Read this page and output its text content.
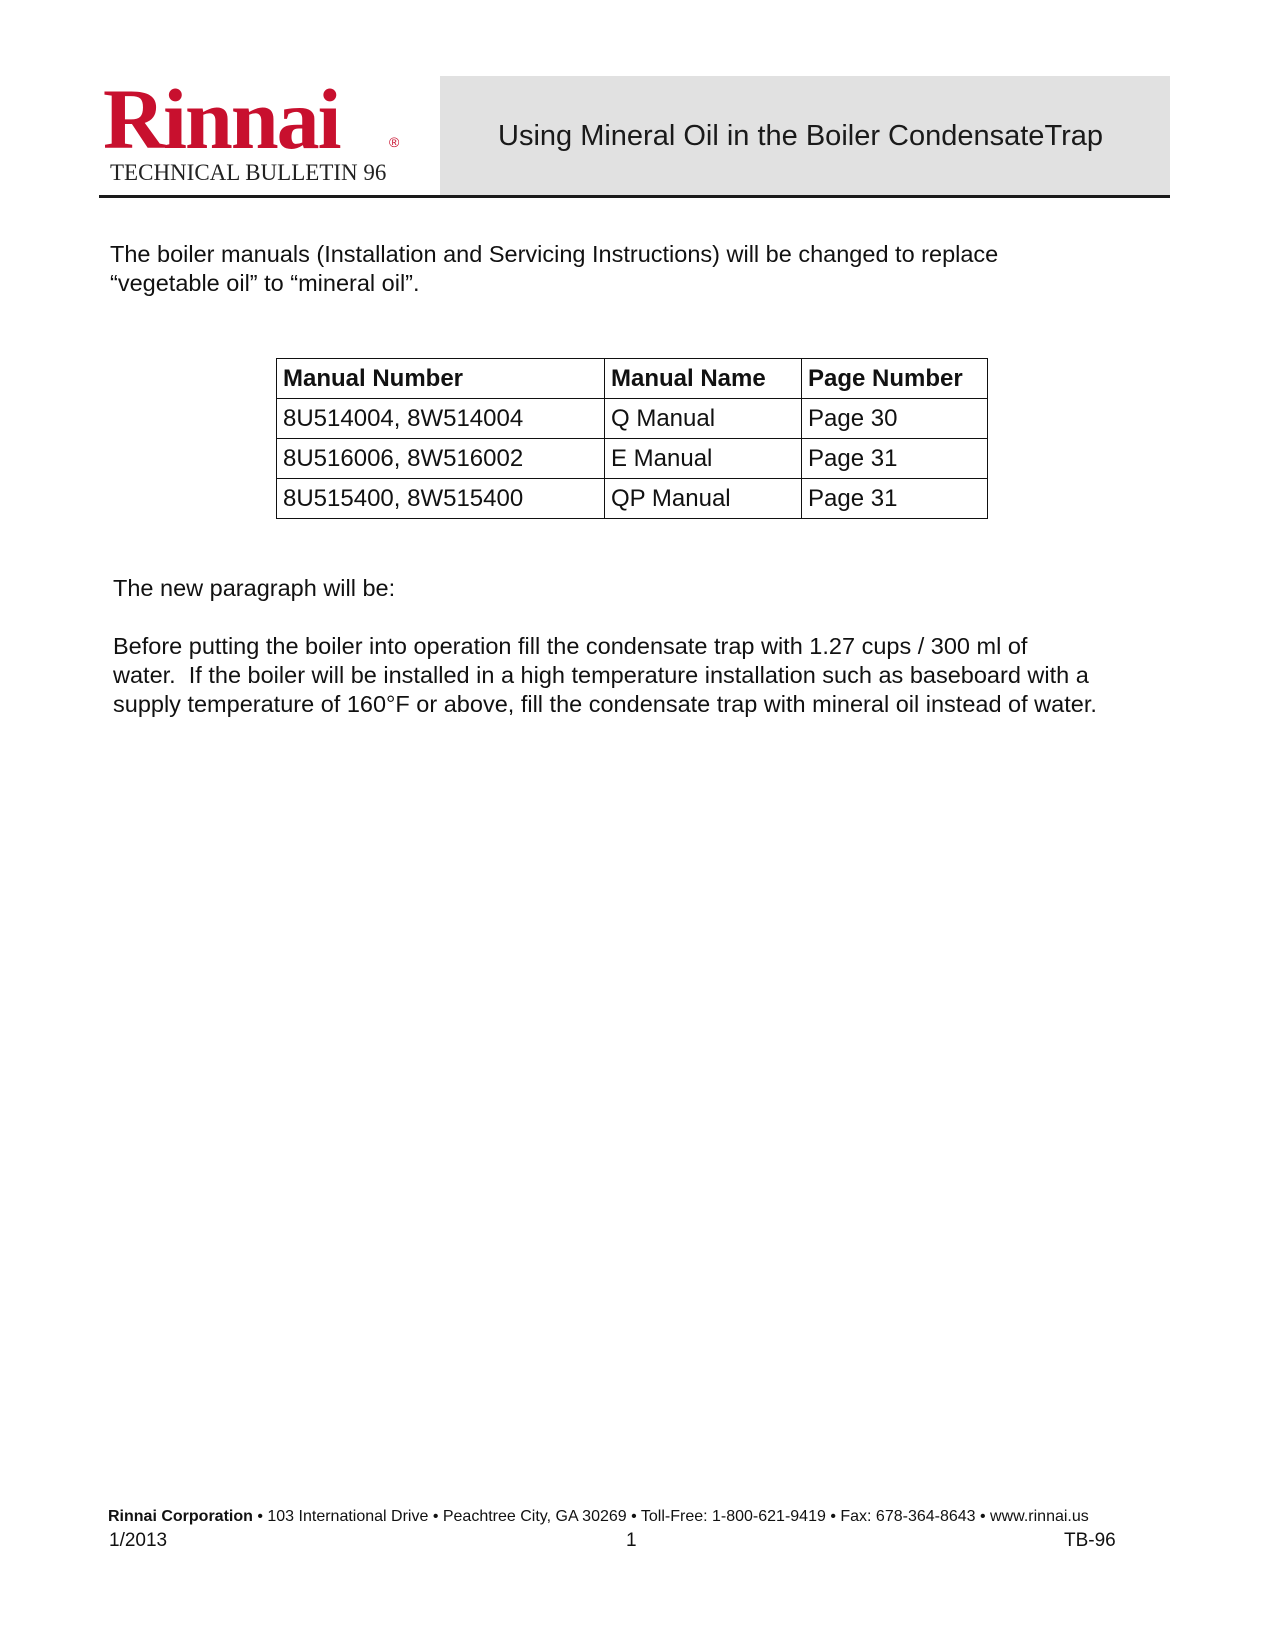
Rinnai	®
TECHNICAL BULLETIN 96
Using Mineral Oil in the Boiler CondensateTrap

The boiler manuals (Installation and Servicing Instructions) will be changed to replace
“vegetable oil” to “mineral oil”.

Manual Number	Manual Name	Page Number
8U514004, 8W514004	Q Manual	Page 30
8U516006, 8W516002	E Manual	Page 31
8U515400, 8W515400	QP Manual	Page 31

The new paragraph will be:

Before putting the boiler into operation fill the condensate trap with 1.27 cups / 300 ml of
water.  If the boiler will be installed in a high temperature installation such as baseboard with a
supply temperature of 160°F or above, fill the condensate trap with mineral oil instead of water.

Rinnai Corporation • 103 International Drive • Peachtree City, GA 30269 • Toll-Free: 1-800-621-9419 • Fax: 678-364-8643 • www.rinnai.us
1/2013	1	TB-96
